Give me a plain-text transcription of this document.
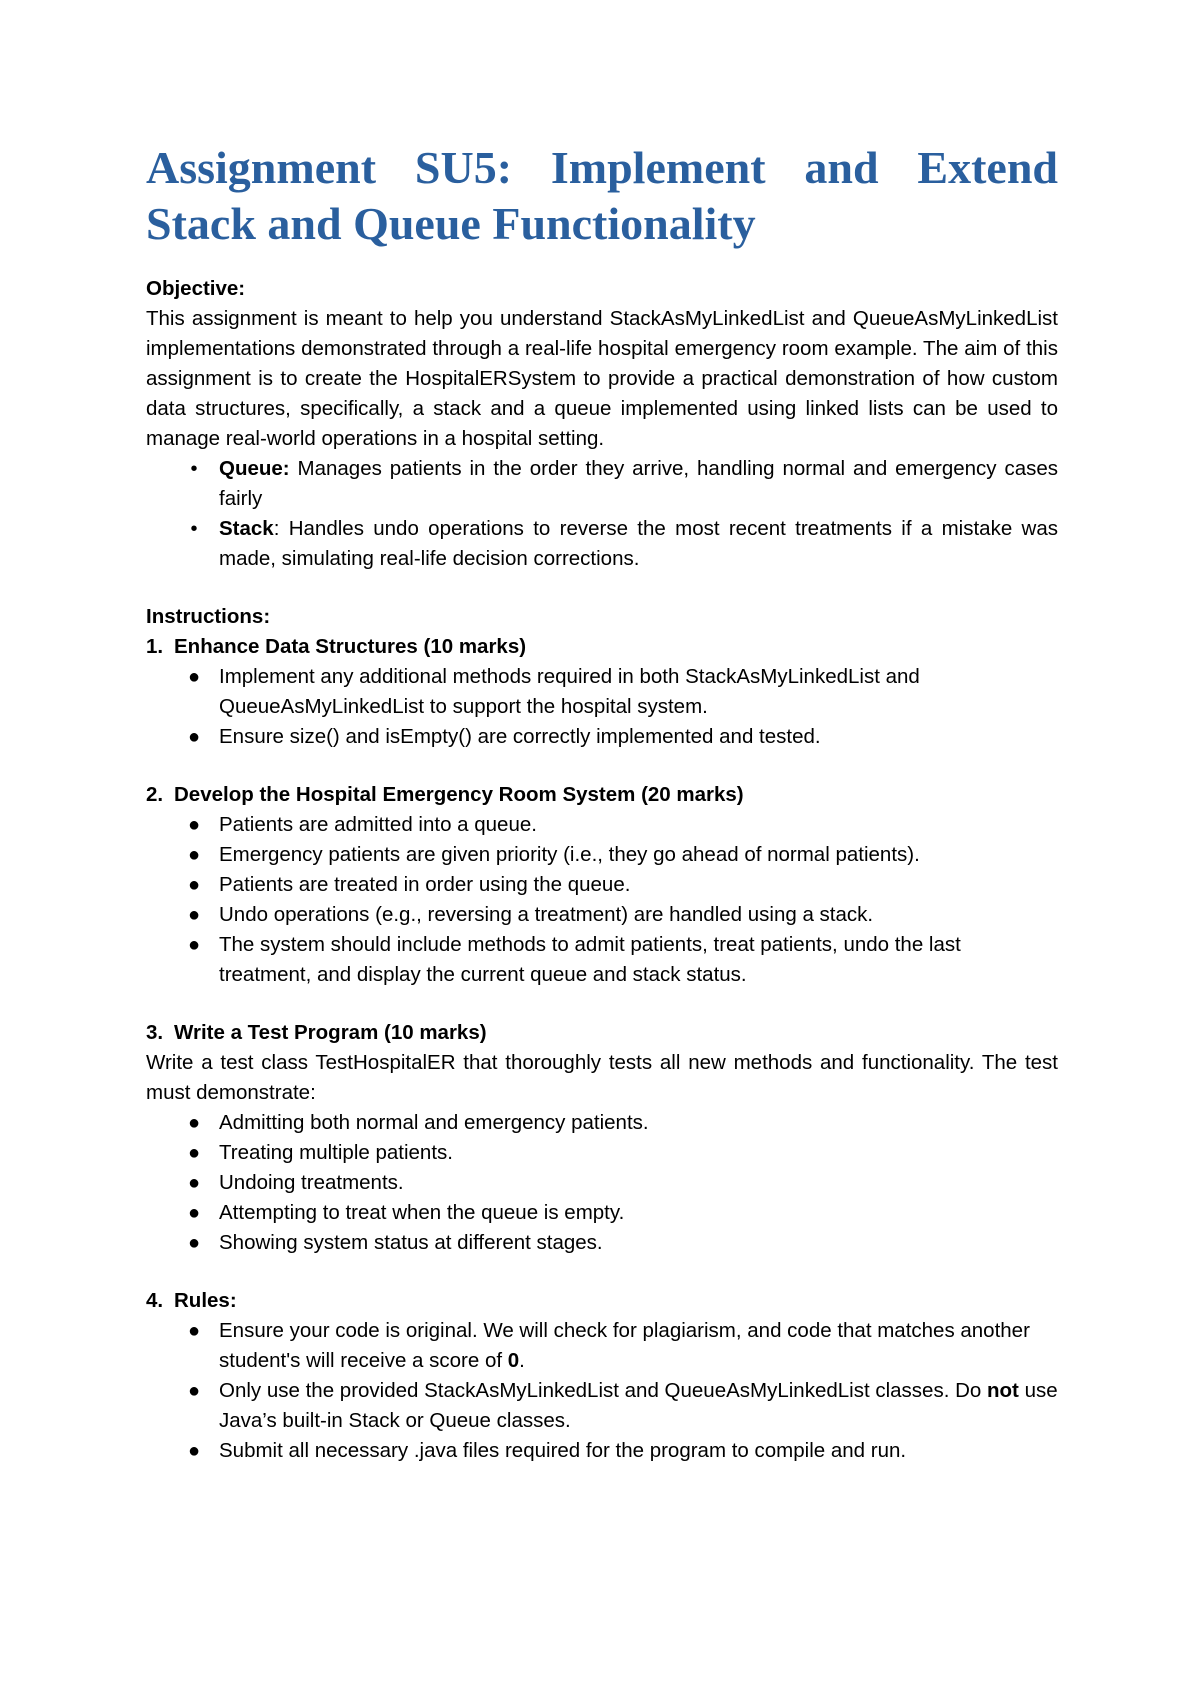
Assignment SU5: Implement and Extend
Stack and Queue Functionality

Objective:

This assignment is meant to help you understand StackAsMyLinkedList and QueueAsMyLinkedList implementations demonstrated through a real-life hospital emergency room example. The aim of this assignment is to create the HospitalERSystem to provide a practical demonstration of how custom data structures, specifically, a stack and a queue implemented using linked lists can be used to manage real-world operations in a hospital setting.

•	Queue: Manages patients in the order they arrive, handling normal and emergency cases fairly
•	Stack: Handles undo operations to reverse the most recent treatments if a mistake was made, simulating real-life decision corrections.

Instructions:

1. Enhance Data Structures (10 marks)

● Implement any additional methods required in both StackAsMyLinkedList and QueueAsMyLinkedList to support the hospital system.
● Ensure size() and isEmpty() are correctly implemented and tested.

2. Develop the Hospital Emergency Room System (20 marks)

● Patients are admitted into a queue.
● Emergency patients are given priority (i.e., they go ahead of normal patients).
● Patients are treated in order using the queue.
● Undo operations (e.g., reversing a treatment) are handled using a stack.
● The system should include methods to admit patients, treat patients, undo the last treatment, and display the current queue and stack status.

3. Write a Test Program (10 marks)

Write a test class TestHospitalER that thoroughly tests all new methods and functionality. The test must demonstrate:

● Admitting both normal and emergency patients.
● Treating multiple patients.
● Undoing treatments.
● Attempting to treat when the queue is empty.
● Showing system status at different stages.

4. Rules:

● Ensure your code is original. We will check for plagiarism, and code that matches another student's will receive a score of 0.
● Only use the provided StackAsMyLinkedList and QueueAsMyLinkedList classes. Do not use Java’s built-in Stack or Queue classes.
● Submit all necessary .java files required for the program to compile and run.
